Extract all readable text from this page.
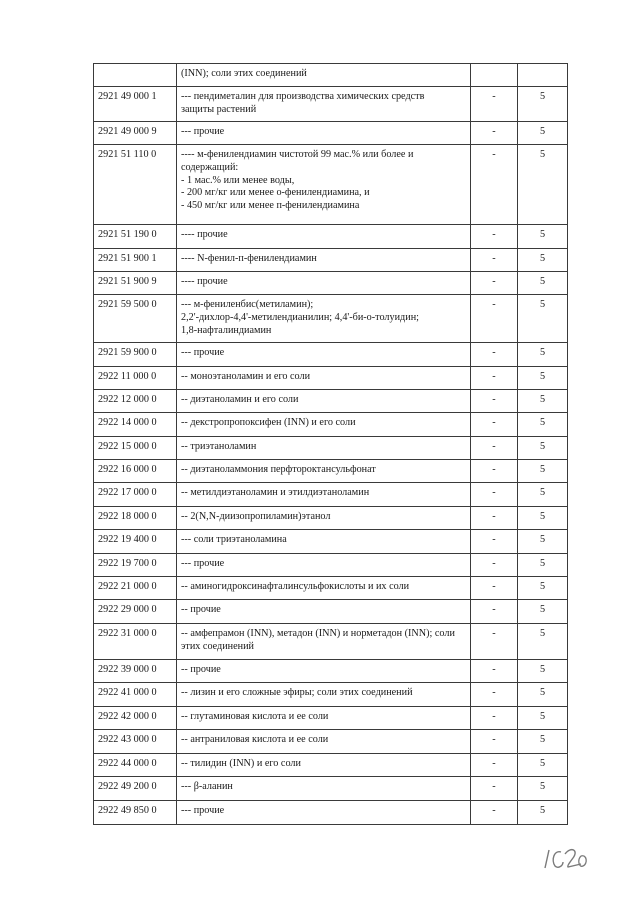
	(INN); соли этих соединений		

2921 49 000 1	--- пендиметалин для производства химических средств
защиты растений	-	5
2921 49 000 9	--- прочие	-	5
2921 51 110 0	---- м-фенилендиамин чистотой 99 мас.% или более и
содержащий:
- 1 мас.% или менее воды,
- 200 мг/кг или менее о-фенилендиамина, и
- 450 мг/кг или менее п-фенилендиамина	-	5
2921 51 190 0	---- прочие	-	5
2921 51 900 1	---- N-фенил-п-фенилендиамин	-	5
2921 51 900 9	---- прочие	-	5
2921 59 500 0	--- м-фениленбис(метиламин);
2,2'-дихлор-4,4'-метилендианилин; 4,4'-би-о-толуидин;
1,8-нафталиндиамин	-	5
2921 59 900 0	--- прочие	-	5
2922 11 000 0	-- моноэтаноламин и его соли	-	5
2922 12 000 0	-- диэтаноламин и его соли	-	5
2922 14 000 0	-- декстропропоксифен (INN) и его соли	-	5
2922 15 000 0	-- триэтаноламин	-	5
2922 16 000 0	-- диэтаноламмония перфтороктансульфонат	-	5
2922 17 000 0	-- метилдиэтаноламин и этилдиэтаноламин	-	5
2922 18 000 0	-- 2(N,N-диизопропиламин)этанол	-	5
2922 19 400 0	--- соли триэтаноламина	-	5
2922 19 700 0	--- прочие	-	5
2922 21 000 0	-- аминогидроксинафталинсульфокислоты и их соли	-	5
2922 29 000 0	-- прочие	-	5
2922 31 000 0	-- амфепрамон (INN), метадон (INN) и норметадон (INN); соли
этих соединений	-	5
2922 39 000 0	-- прочие	-	5
2922 41 000 0	-- лизин и его сложные эфиры; соли этих соединений	-	5
2922 42 000 0	-- глутаминовая кислота и ее соли	-	5
2922 43 000 0	-- антраниловая кислота и ее соли	-	5
2922 44 000 0	-- тилидин (INN) и его соли	-	5
2922 49 200 0	--- β-аланин	-	5
2922 49 850 0	--- прочие	-	5
